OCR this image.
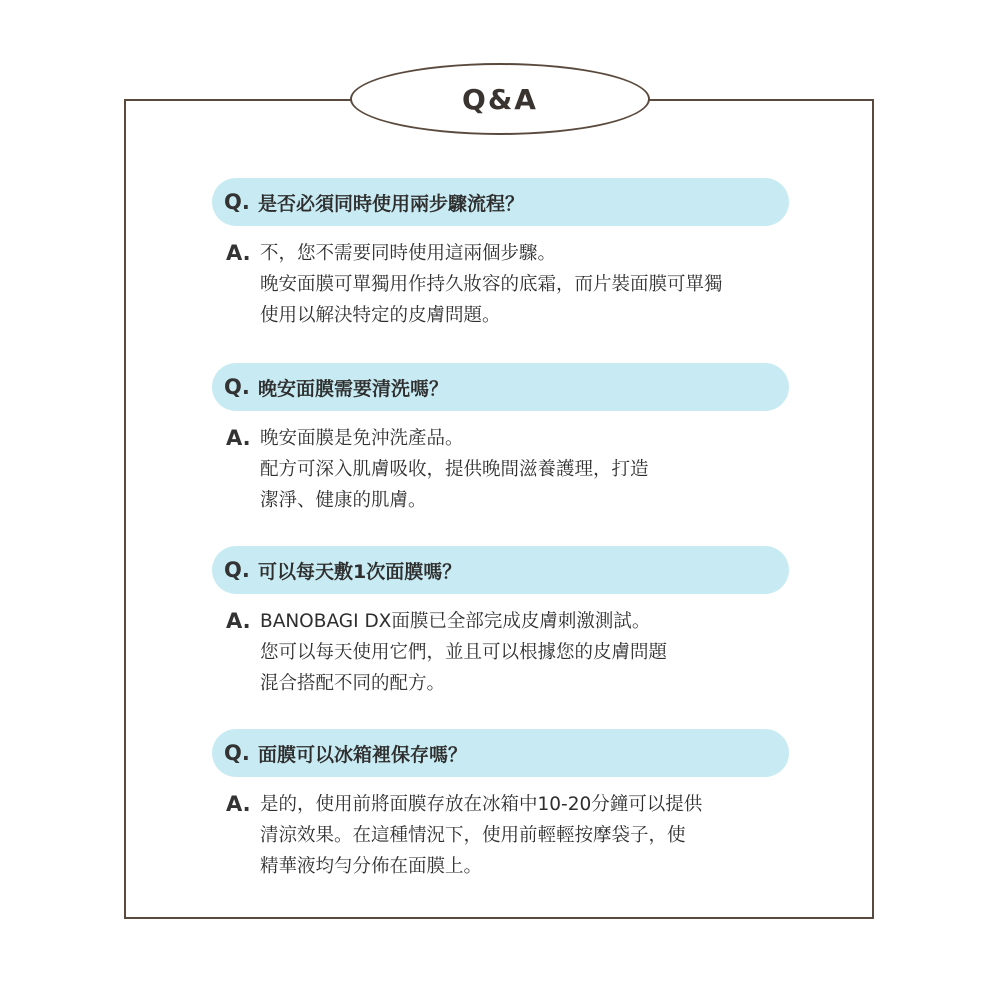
Q&A
Q. 是否必須同時使用兩步驟流程？
A. 不，您不需要同時使用這兩個步驟。
晚安面膜可單獨用作持久妝容的底霜，而片裝面膜可單獨
使用以解決特定的皮膚問題。
Q. 晚安面膜需要清洗嗎？
A. 晚安面膜是免沖洗產品。
配方可深入肌膚吸收，提供晚間滋養護理，打造
潔淨、健康的肌膚。
Q. 可以每天敷1次面膜嗎？
A. BANOBAGI DX面膜已全部完成皮膚刺激測試。
您可以每天使用它們，並且可以根據您的皮膚問題
混合搭配不同的配方。
Q. 面膜可以冰箱裡保存嗎？
A. 是的，使用前將面膜存放在冰箱中10-20分鐘可以提供
清涼效果。在這種情況下，使用前輕輕按摩袋子，使
精華液均勻分佈在面膜上。
